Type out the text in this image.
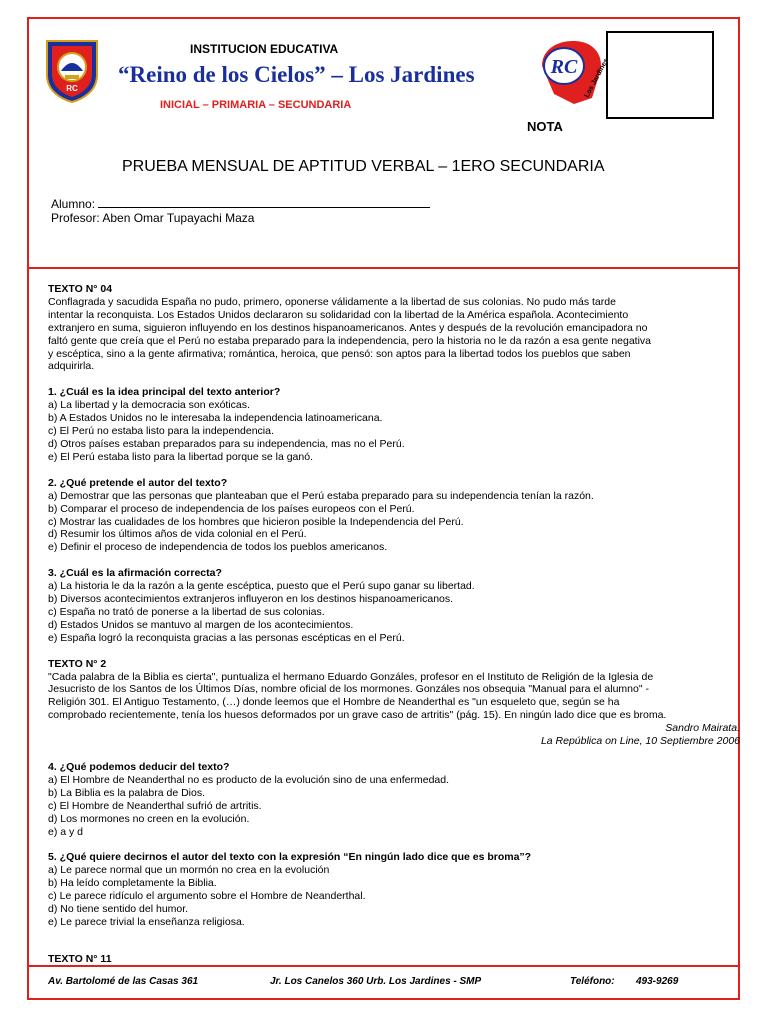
RC
INSTITUCION EDUCATIVA
“Reino de los Cielos” – Los Jardines
INICIAL – PRIMARIA – SECUNDARIA
RC Los Jardines
NOTA
PRUEBA MENSUAL DE APTITUD VERBAL – 1ERO SECUNDARIA
Alumno:
Profesor: Aben Omar Tupayachi Maza

TEXTO N° 04

Conflagrada y sacudida España no pudo, primero, oponerse válidamente a la libertad de sus colonias. No pudo más tarde

intentar la reconquista. Los Estados Unidos declararon su solidaridad con la libertad de la América española. Acontecimiento

extranjero en suma, siguieron influyendo en los destinos hispanoamericanos. Antes y después de la revolución emancipadora no

faltó gente que creía que el Perú no estaba preparado para la independencia, pero la historia no le da razón a esa gente negativa

y escéptica, sino a la gente afirmativa; romántica, heroica, que pensó: son aptos para la libertad todos los pueblos que saben

adquirirla.

1. ¿Cuál es la idea principal del texto anterior?

a) La libertad y la democracia son exóticas.

b) A Estados Unidos no le interesaba la independencia latinoamericana.

c) El Perú no estaba listo para la independencia.

d) Otros países estaban preparados para su independencia, mas no el Perú.

e) El Perú estaba listo para la libertad porque se la ganó.

2. ¿Qué pretende el autor del texto?

a) Demostrar que las personas que planteaban que el Perú estaba preparado para su independencia tenían la razón.

b) Comparar el proceso de independencia de los países europeos con el Perú.

c) Mostrar las cualidades de los hombres que hicieron posible la Independencia del Perú.

d) Resumir los últimos años de vida colonial en el Perú.

e) Definir el proceso de independencia de todos los pueblos americanos.

3. ¿Cuál es la afirmación correcta?

a) La historia le da la razón a la gente escéptica, puesto que el Perú supo ganar su libertad.

b) Diversos acontecimientos extranjeros influyeron en los destinos hispanoamericanos.

c) España no trató de ponerse a la libertad de sus colonias.

d) Estados Unidos se mantuvo al margen de los acontecimientos.

e) España logró la reconquista gracias a las personas escépticas en el Perú.

TEXTO N° 2

"Cada palabra de la Biblia es cierta", puntualiza el hermano Eduardo Gonzáles, profesor en el Instituto de Religión de la Iglesia de

Jesucristo de los Santos de los Últimos Días, nombre oficial de los mormones. Gonzáles nos obsequia "Manual para el alumno" -

Religión 301. El Antiguo Testamento, (…) donde leemos que el Hombre de Neanderthal es "un esqueleto que, según se ha

comprobado recientemente, tenía los huesos deformados por un grave caso de artritis" (pág. 15). En ningún lado dice que es broma.

Sandro Mairata.

La República on Line, 10 Septiembre 2006

4. ¿Qué podemos deducir del texto?

a) El Hombre de Neanderthal no es producto de la evolución sino de una enfermedad.

b) La Biblia es la palabra de Dios.

c) El Hombre de Neanderthal sufrió de artritis.

d) Los mormones no creen en la evolución.

e) a y d

5. ¿Qué quiere decirnos el autor del texto con la expresión “En ningún lado dice que es broma”?

a) Le parece normal que un mormón no crea en la evolución

b) Ha leído completamente la Biblia.

c) Le parece ridículo el argumento sobre el Hombre de Neanderthal.

d) No tiene sentido del humor.

e) Le parece trivial la enseñanza religiosa.

TEXTO N° 11

Av. Bartolomé de las Casas 361	Jr. Los Canelos 360 Urb. Los Jardines - SMP	Teléfono: 493-9269
